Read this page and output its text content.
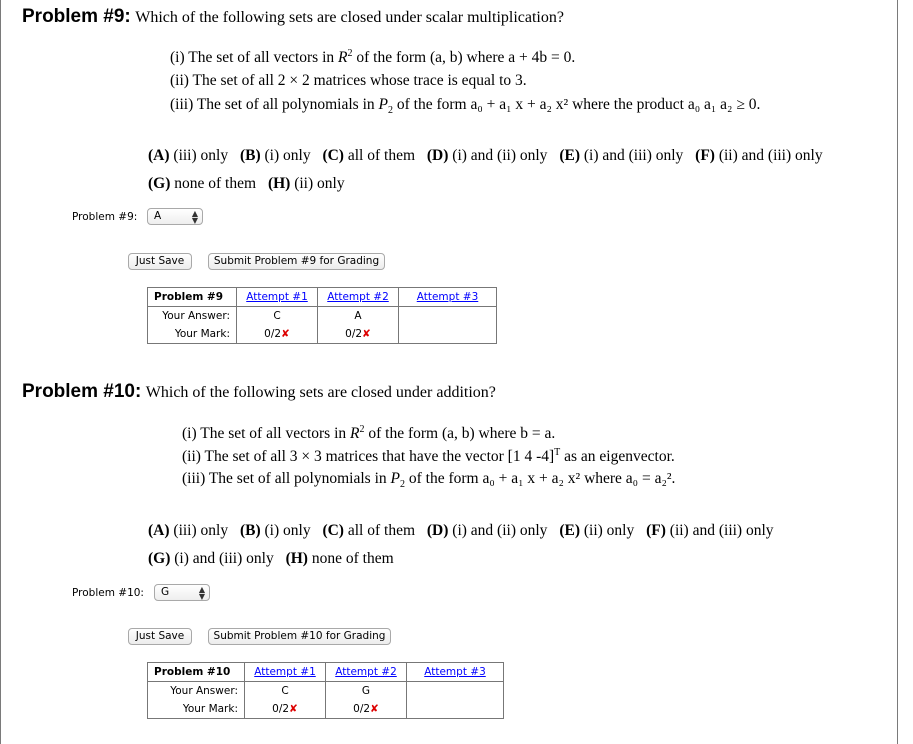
Problem #9: Which of the following sets are closed under scalar multiplication?
(i) The set of all vectors in $R^2$ of the form (a, b) where a + 4b = 0.
(ii) The set of all 2 × 2 matrices whose trace is equal to 3.
(iii) The set of all polynomials in $P_2$ of the form a₀ + a₁ x + a₂ x² where the product a₀ a₁ a₂ ≥ 0.
(A) (iii) only (B) (i) only (C) all of them (D) (i) and (ii) only (E) (i) and (iii) only (F) (ii) and (iii) only
(G) none of them (H) (ii) only
Problem #9:	A	▲
▼
Just Save	Submit Problem #9 for Grading
Problem #9	Attempt #1	Attempt #2	Attempt #3
Your Answer:	C	A	
Your Mark:	0/2✘	0/2✘	
Problem #10: Which of the following sets are closed under addition?
(i) The set of all vectors in $R^2$ of the form (a, b) where b = a.
(ii) The set of all 3 × 3 matrices that have the vector [1 4 -4]$^T$ as an eigenvector.
(iii) The set of all polynomials in $P_2$ of the form a₀ + a₁ x + a₂ x² where a₀ = a₂².
(A) (iii) only (B) (i) only (C) all of them (D) (i) and (ii) only (E) (ii) only (F) (ii) and (iii) only
(G) (i) and (iii) only (H) none of them
Problem #10:	G	▲
▼
Just Save	Submit Problem #10 for Grading
Problem #10	Attempt #1	Attempt #2	Attempt #3
Your Answer:	C	G	
Your Mark:	0/2✘	0/2✘	
